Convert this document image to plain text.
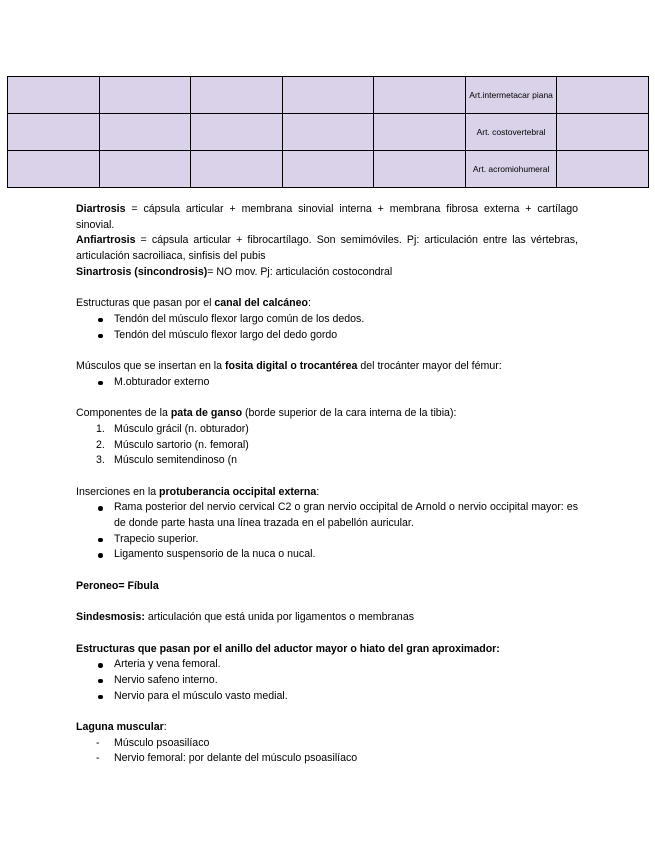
					Art.intermetacar piana	
					Art. costovertebral	
					Art. acromiohumeral	

Diartrosis = cápsula articular + membrana sinovial interna + membrana fibrosa externa + cartílago sinovial.

Anfiartrosis = cápsula articular + fibrocartílago. Son semimóviles. Pj: articulación entre las vértebras, articulación sacroiliaca, sinfisis del pubis

Sinartrosis (sincondrosis)= NO mov. Pj: articulación costocondral

Estructuras que pasan por el canal del calcáneo:

Tendón del músculo flexor largo común de los dedos.
Tendón del músculo flexor largo del dedo gordo

Músculos que se insertan en la fosita digital o trocantérea del trocánter mayor del fémur:

M.obturador externo

Componentes de la pata de ganso (borde superior de la cara interna de la tibia):

1. Músculo grácil (n. obturador)
2. Músculo sartorio (n. femoral)
3. Músculo semitendinoso (n

Inserciones en la protuberancia occipital externa:

Rama posterior del nervio cervical C2 o gran nervio occipital de Arnold o nervio occipital mayor: es de donde parte hasta una línea trazada en el pabellón auricular.
Trapecio superior.
Ligamento suspensorio de la nuca o nucal.

Peroneo= Fíbula

Sindesmosis: articulación que está unida por ligamentos o membranas

Estructuras que pasan por el anillo del aductor mayor o hiato del gran aproximador:

Arteria y vena femoral.
Nervio safeno interno.
Nervio para el músculo vasto medial.

Laguna muscular:

- Músculo psoasilíaco
- Nervio femoral: por delante del músculo psoasilíaco
